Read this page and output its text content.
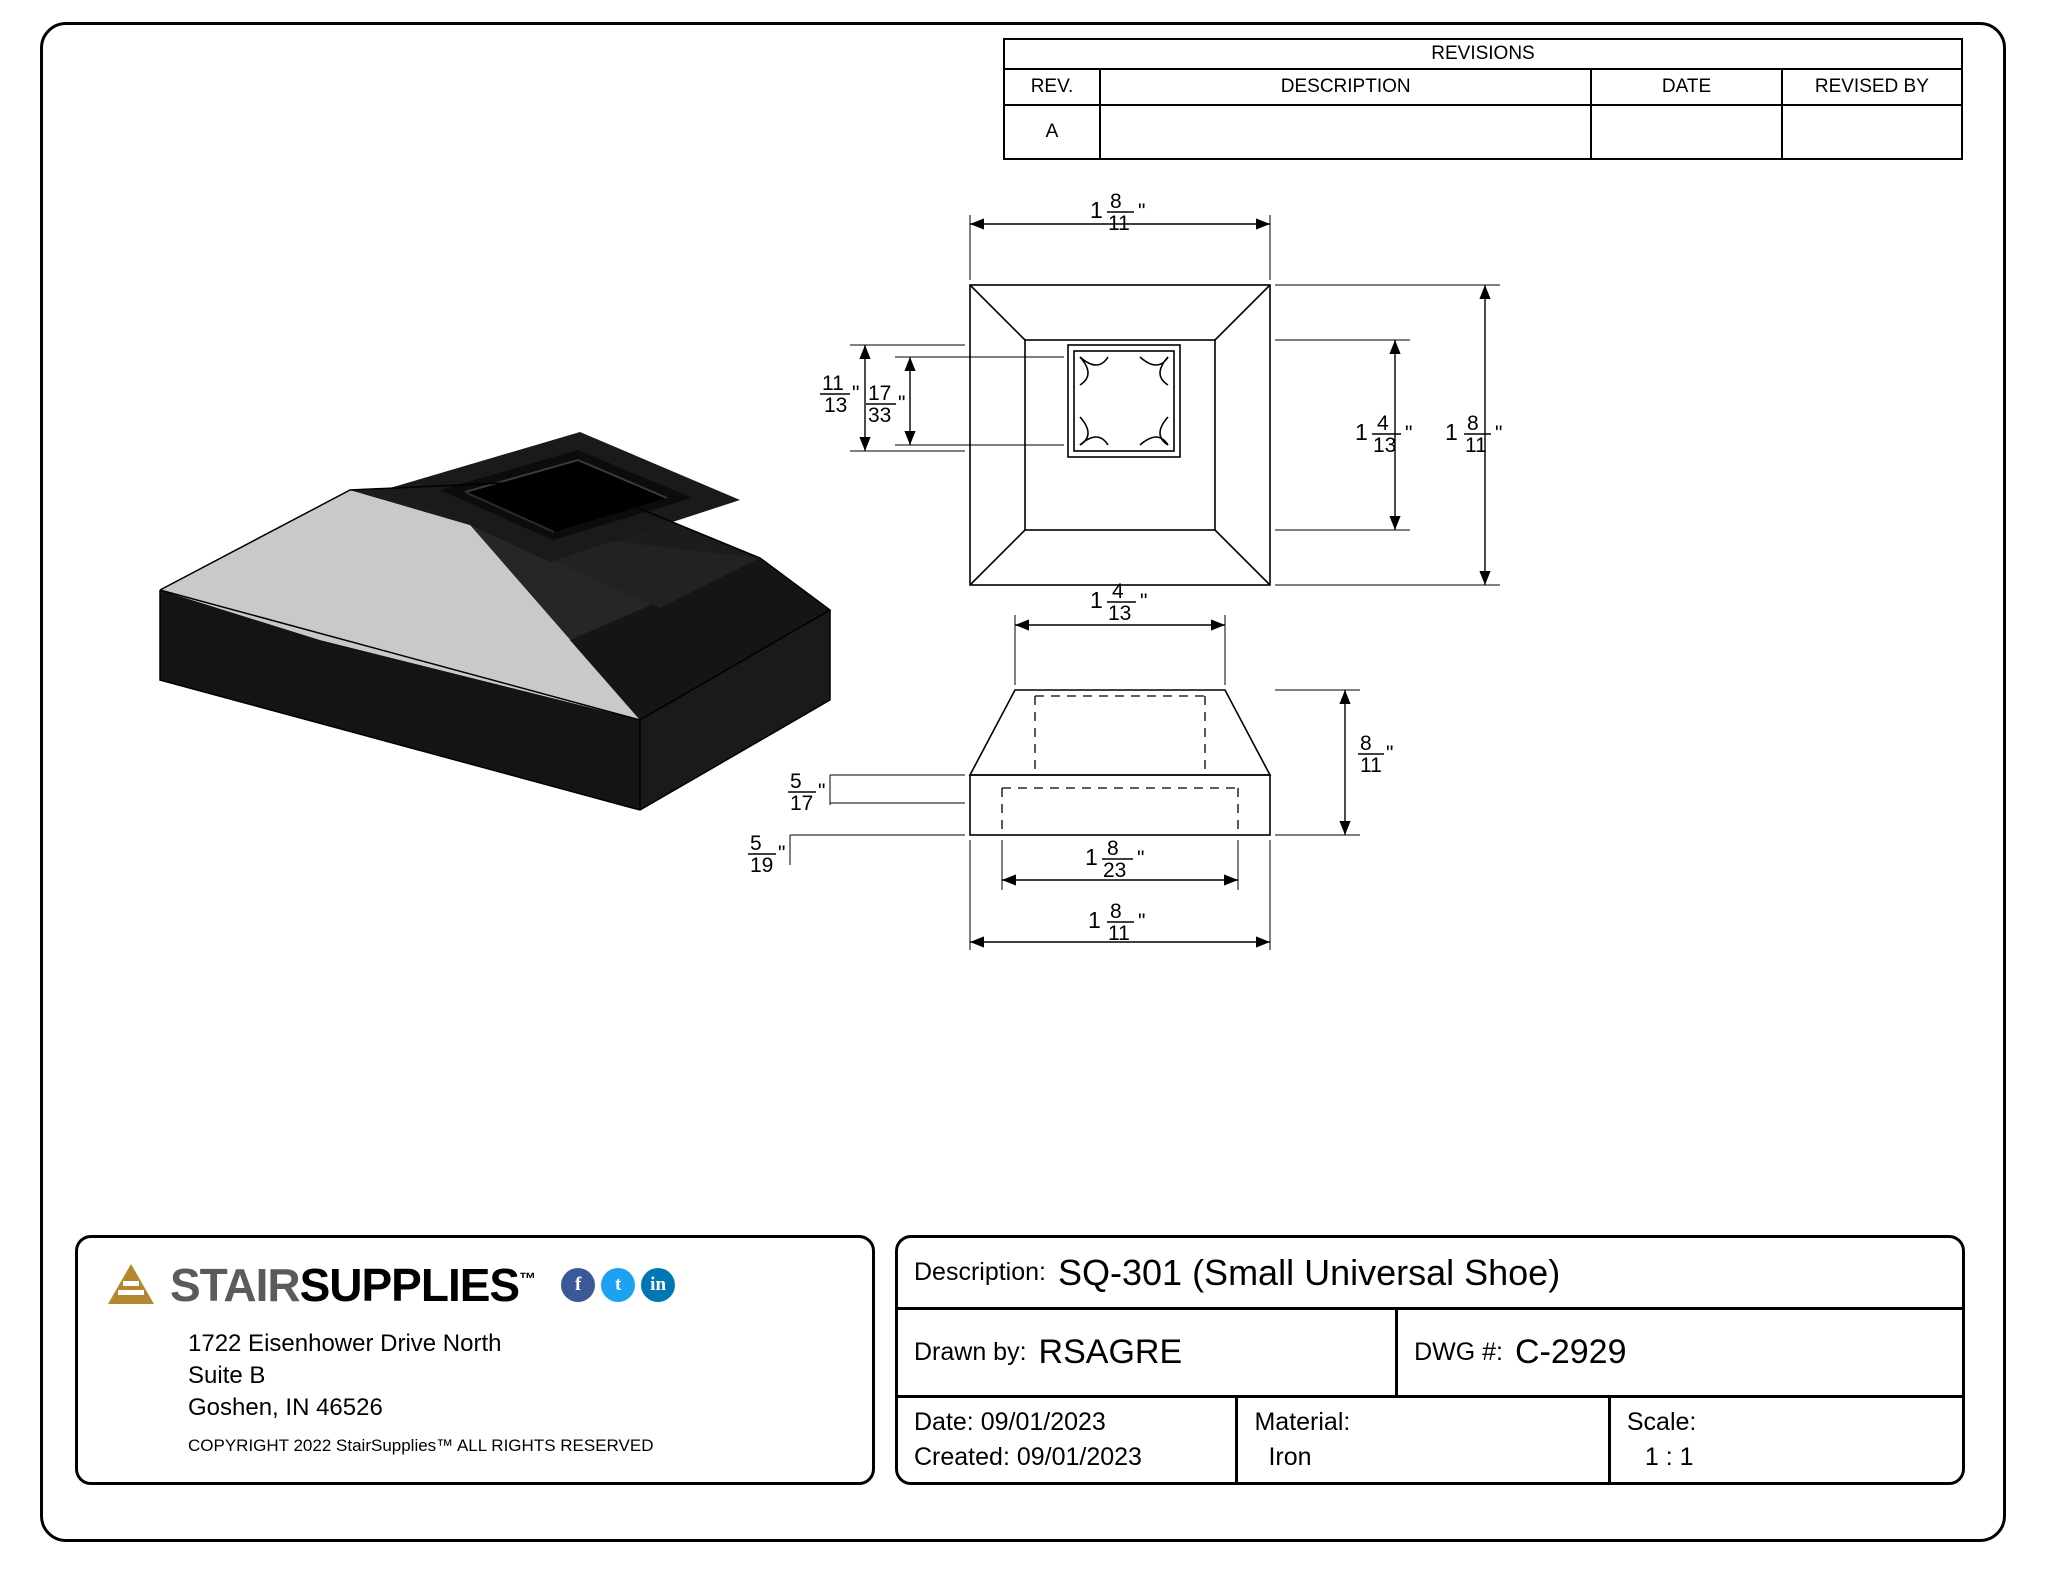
REVISIONS			
REV.	DESCRIPTION	DATE	REVISED BY
A			
1 8
11
"
1 4
13
" 1 8
11
"
11
13
" 17
33
"
1 4
13
"
8
11
"
1 8
23
"
1 8
11
"
5
17
"
5
19
"
STAIRSUPPLIES™	f	t	in
1722 Eisenhower Drive North
Suite B
Goshen, IN 46526
COPYRIGHT 2022 StairSupplies™ ALL RIGHTS RESERVED
Description: SQ-301 (Small Universal Shoe)
Drawn by: RSAGRE	DWG #: C-2929
Date: 09/01/2023
Created: 09/01/2023
Material:
Iron
Scale:
1 : 1
